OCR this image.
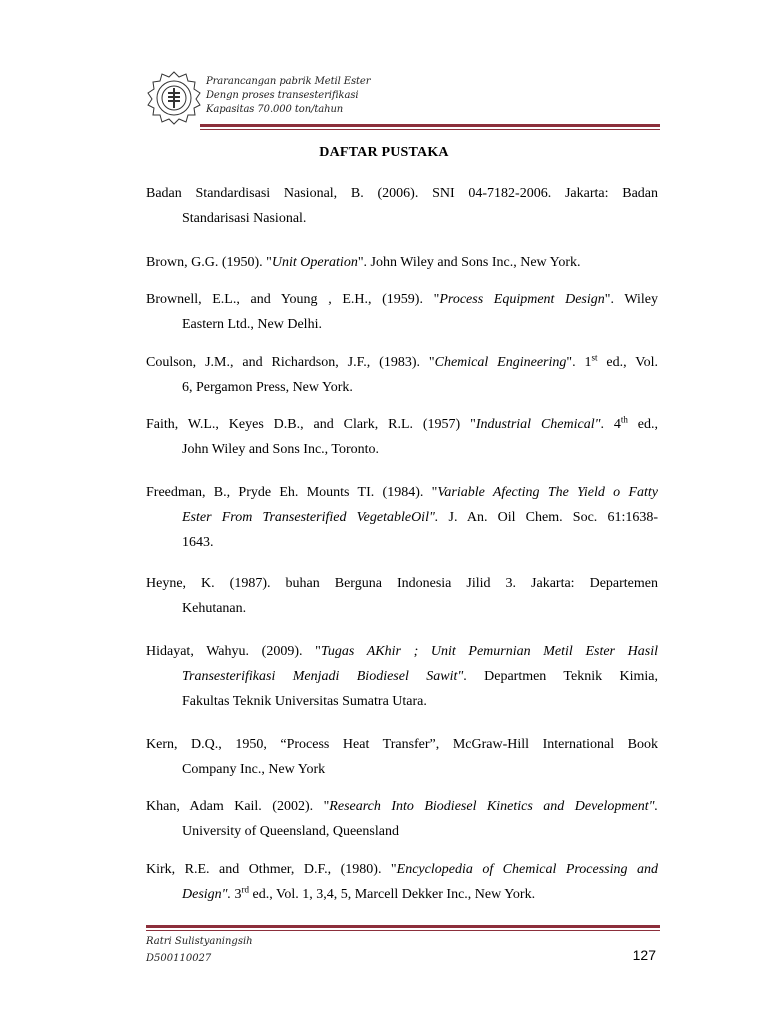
Prarancangan pabrik Metil Ester
Dengn proses transesterifikasi
Kapasitas 70.000 ton/tahun
DAFTAR PUSTAKA
Badan Standardisasi Nasional, B. (2006). SNI 04-7182-2006. Jakarta: Badan
Standarisasi Nasional.
Brown, G.G. (1950). "Unit Operation". John Wiley and Sons Inc., New York.
Brownell, E.L., and Young , E.H., (1959). "Process Equipment Design". Wiley
Eastern Ltd., New Delhi.
Coulson, J.M., and Richardson, J.F., (1983). "Chemical Engineering". 1st ed., Vol.
6, Pergamon Press, New York.
Faith, W.L., Keyes D.B., and Clark, R.L. (1957) "Industrial Chemical". 4th ed.,
John Wiley and Sons Inc., Toronto.
Freedman, B., Pryde Eh. Mounts TI. (1984). "Variable Afecting The Yield o Fatty
Ester From Transesterified VegetableOil". J. An. Oil Chem. Soc. 61:1638-
1643.
Heyne, K. (1987). buhan Berguna Indonesia Jilid 3. Jakarta: Departemen
Kehutanan.
Hidayat, Wahyu. (2009). "Tugas AKhir ; Unit Pemurnian Metil Ester Hasil
Transesterifikasi Menjadi Biodiesel Sawit". Departmen Teknik Kimia,
Fakultas Teknik Universitas Sumatra Utara.
Kern, D.Q., 1950, “Process Heat Transfer”, McGraw-Hill International Book
Company Inc., New York
Khan, Adam Kail. (2002). "Research Into Biodiesel Kinetics and Development".
University of Queensland, Queensland
Kirk, R.E. and Othmer, D.F., (1980). "Encyclopedia of Chemical Processing and
Design". 3rd ed., Vol. 1, 3,4, 5, Marcell Dekker Inc., New York.
Ratri Sulistyaningsih
D500110027	127
